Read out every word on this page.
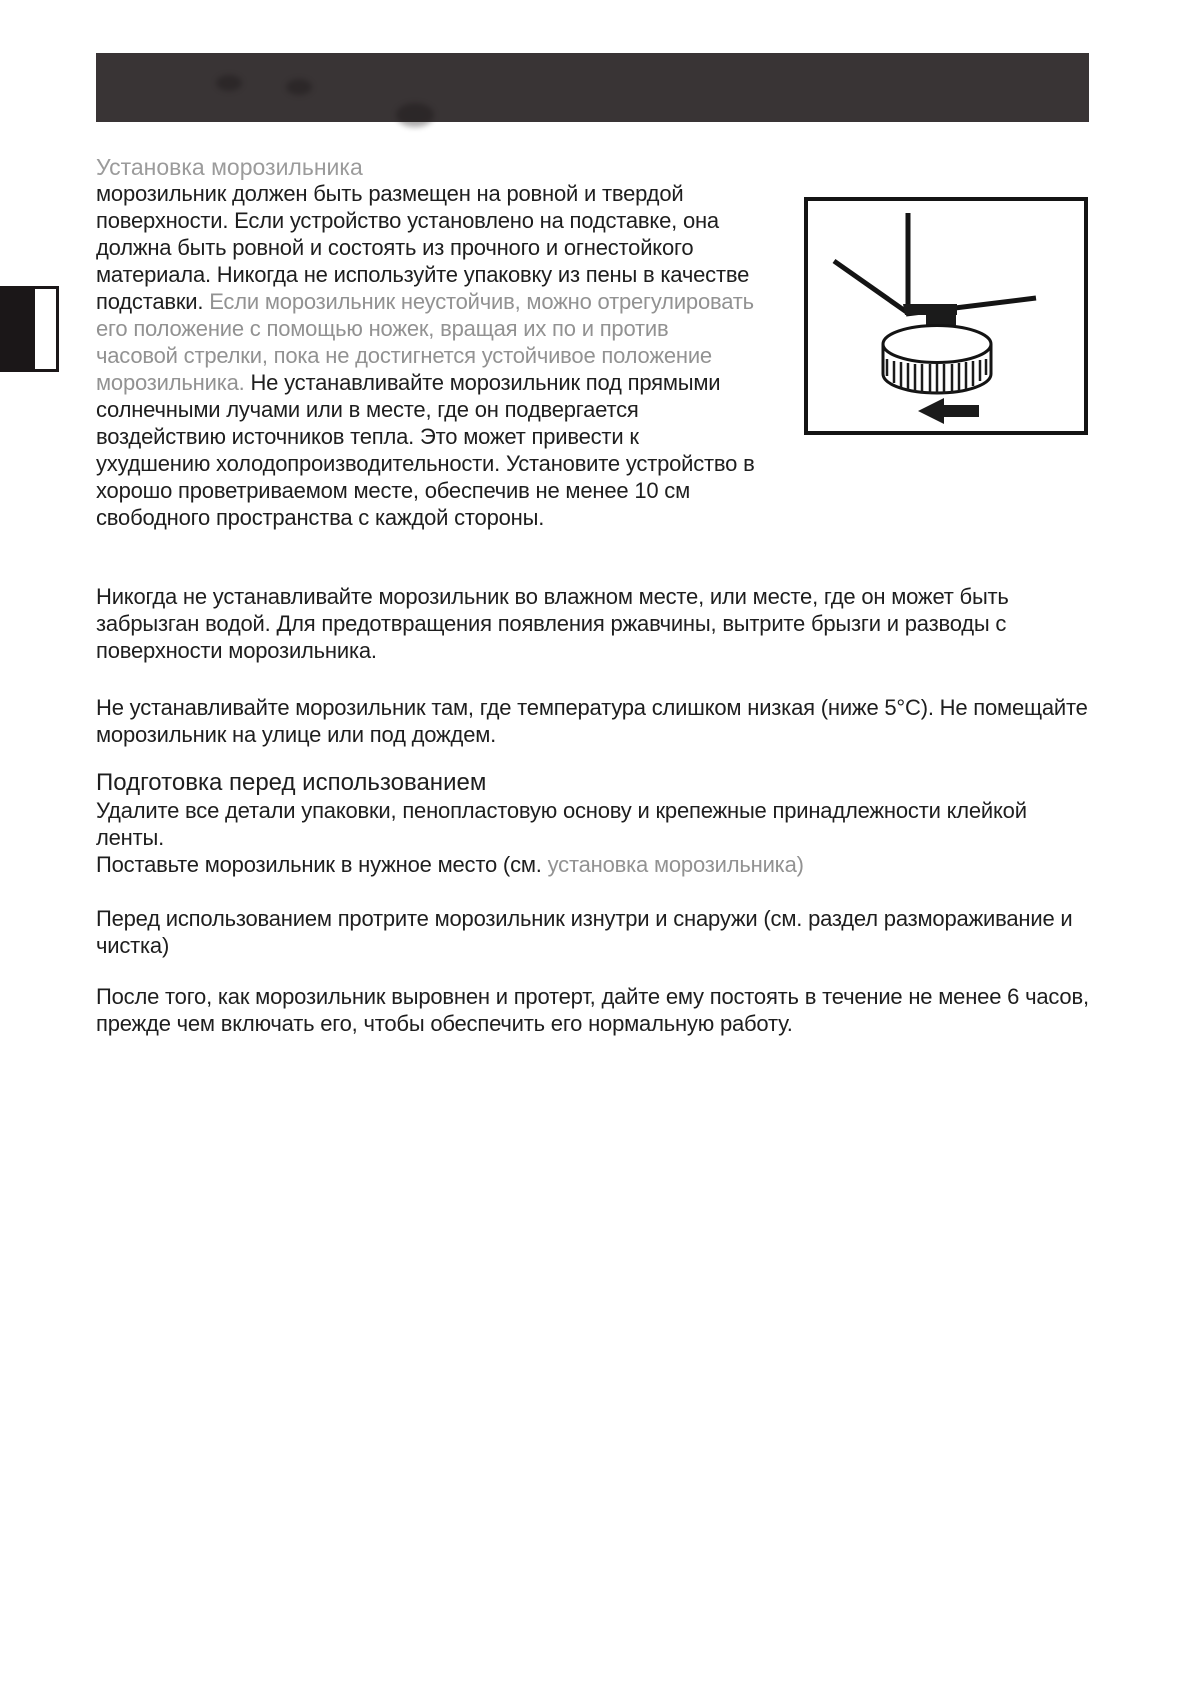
Установка морозильника
морозильник должен быть размещен на ровной и твердой поверхности. Если устройство установлено на подставке, она должна быть ровной и состоять из прочного и огнестойкого материала. Никогда не используйте упаковку из пены в качестве подставки. Если морозильник неустойчив, можно отрегулировать его положение с помощью ножек, вращая их по и против часовой стрелки, пока не достигнется устойчивое положение морозильника. Не устанавливайте морозильник под прямыми солнечными лучами или в месте, где он подвергается воздействию источников тепла. Это может привести к ухудшению холодопроизводительности. Установите устройство в хорошо проветриваемом месте, обеспечив не менее 10 см свободного пространства с каждой стороны.
Никогда не устанавливайте морозильник во влажном месте, или месте, где он может быть забрызган водой. Для предотвращения появления ржавчины, вытрите брызги и разводы с поверхности морозильника.
Не устанавливайте морозильник там, где температура слишком низкая (ниже 5°С). Не помещайте морозильник на улице или под дождем.
Подготовка перед использованием
Удалите все детали упаковки, пенопластовую основу и крепежные принадлежности клейкой ленты.
Поставьте морозильник в нужное место (см. установка морозильника)
Перед использованием протрите морозильник изнутри и снаружи (см. раздел размораживание и чистка)
После того, как морозильник выровнен и протерт, дайте ему постоять в течение не менее 6 часов, прежде чем включать его, чтобы обеспечить его нормальную работу.
